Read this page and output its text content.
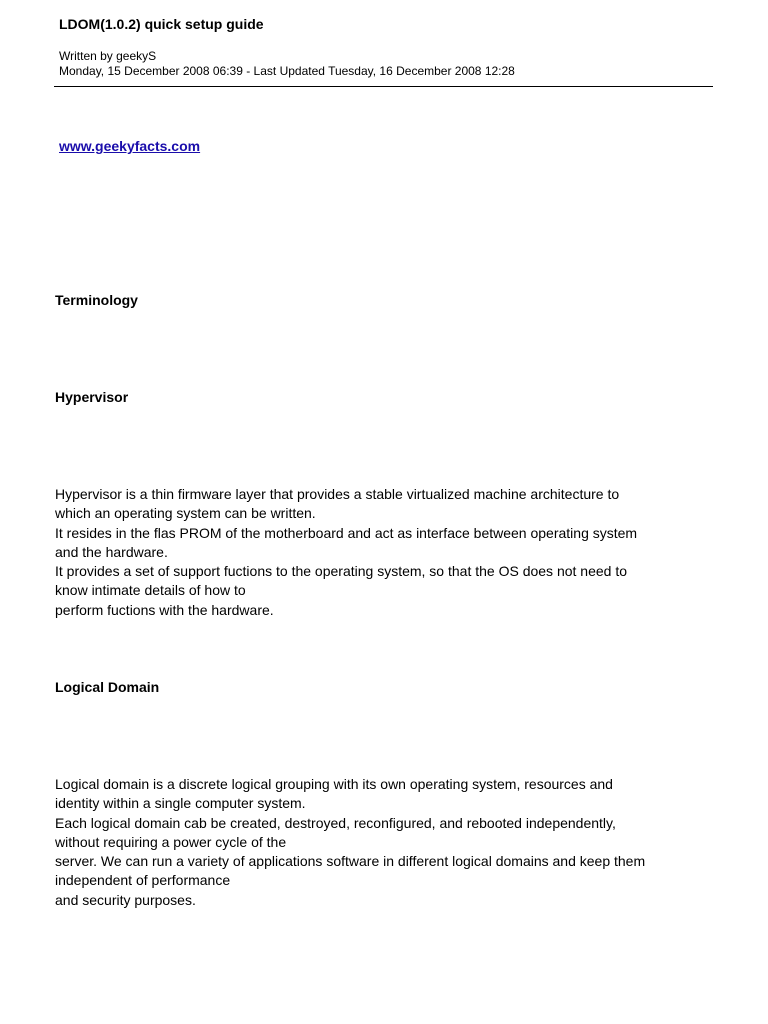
LDOM(1.0.2) quick setup guide
Written by geekyS
Monday, 15 December 2008 06:39 - Last Updated Tuesday, 16 December 2008 12:28
www.geekyfacts.com
Terminology
Hypervisor
Hypervisor is a thin firmware layer that provides a stable virtualized machine architecture to
which an operating system can be written.
It resides in the flas PROM of the motherboard and act as interface between operating system
and the hardware.
It provides a set of support fuctions to the operating system, so that the OS does not need to
know intimate details of how to
perform fuctions with the hardware.
Logical Domain
Logical domain is a discrete logical grouping with its own operating system, resources and
identity within a single computer system.
Each logical domain cab be created, destroyed, reconfigured, and rebooted independently,
without requiring a power cycle of the
server. We can run a variety of applications software in different logical domains and keep them
independent of performance
and security purposes.
